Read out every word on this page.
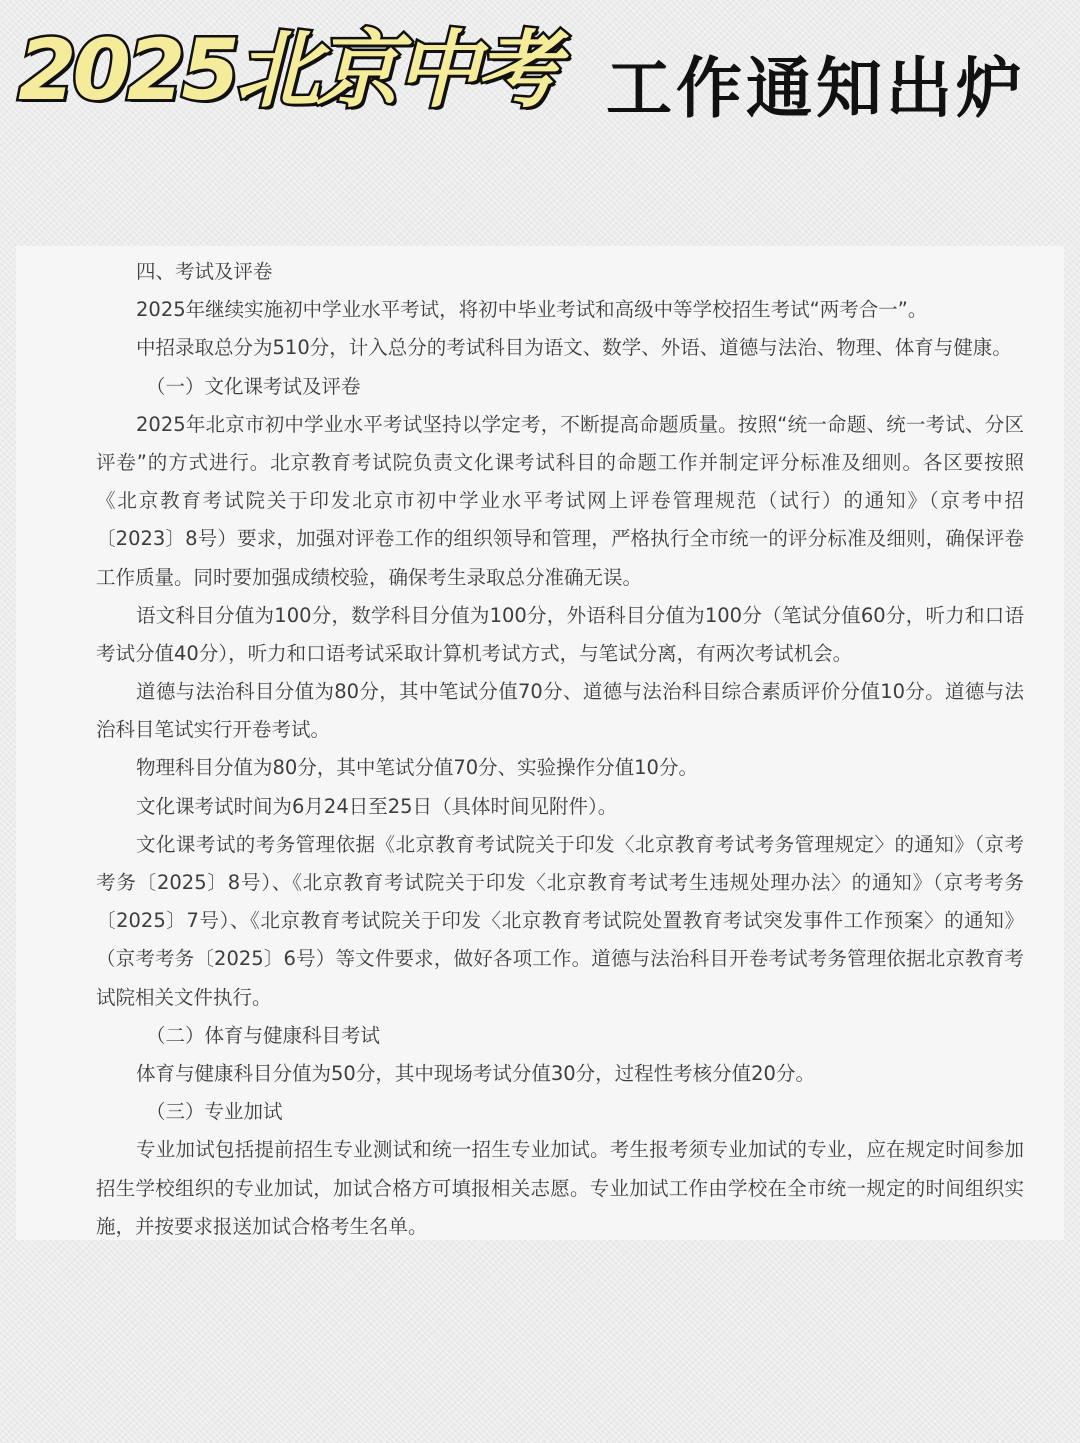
2025北京中考 工作通知出炉
四、考试及评卷
2025年继续实施初中学业水平考试，将初中毕业考试和高级中等学校招生考试“两考合一”。
中招录取总分为510分，计入总分的考试科目为语文、数学、外语、道德与法治、物理、体育与健康。
（一）文化课考试及评卷
2025年北京市初中学业水平考试坚持以学定考，不断提高命题质量。按照“统一命题、统一考试、分区
评卷”的方式进行。北京教育考试院负责文化课考试科目的命题工作并制定评分标准及细则。各区要按照
《北京教育考试院关于印发北京市初中学业水平考试网上评卷管理规范（试行）的通知》（京考中招
〔2023〕8号）要求，加强对评卷工作的组织领导和管理，严格执行全市统一的评分标准及细则，确保评卷
工作质量。同时要加强成绩校验，确保考生录取总分准确无误。
语文科目分值为100分，数学科目分值为100分，外语科目分值为100分（笔试分值60分，听力和口语
考试分值40分），听力和口语考试采取计算机考试方式，与笔试分离，有两次考试机会。
道德与法治科目分值为80分，其中笔试分值70分、道德与法治科目综合素质评价分值10分。道德与法
治科目笔试实行开卷考试。
物理科目分值为80分，其中笔试分值70分、实验操作分值10分。
文化课考试时间为6月24日至25日（具体时间见附件）。
文化课考试的考务管理依据《北京教育考试院关于印发〈北京教育考试考务管理规定〉的通知》（京考
考务〔2025〕8号）、《北京教育考试院关于印发〈北京教育考试考生违规处理办法〉的通知》（京考考务
〔2025〕7号）、《北京教育考试院关于印发〈北京教育考试院处置教育考试突发事件工作预案〉的通知》
（京考考务〔2025〕6号）等文件要求，做好各项工作。道德与法治科目开卷考试考务管理依据北京教育考
试院相关文件执行。
（二）体育与健康科目考试
体育与健康科目分值为50分，其中现场考试分值30分，过程性考核分值20分。
（三）专业加试
专业加试包括提前招生专业测试和统一招生专业加试。考生报考须专业加试的专业，应在规定时间参加
招生学校组织的专业加试，加试合格方可填报相关志愿。专业加试工作由学校在全市统一规定的时间组织实
施，并按要求报送加试合格考生名单。
